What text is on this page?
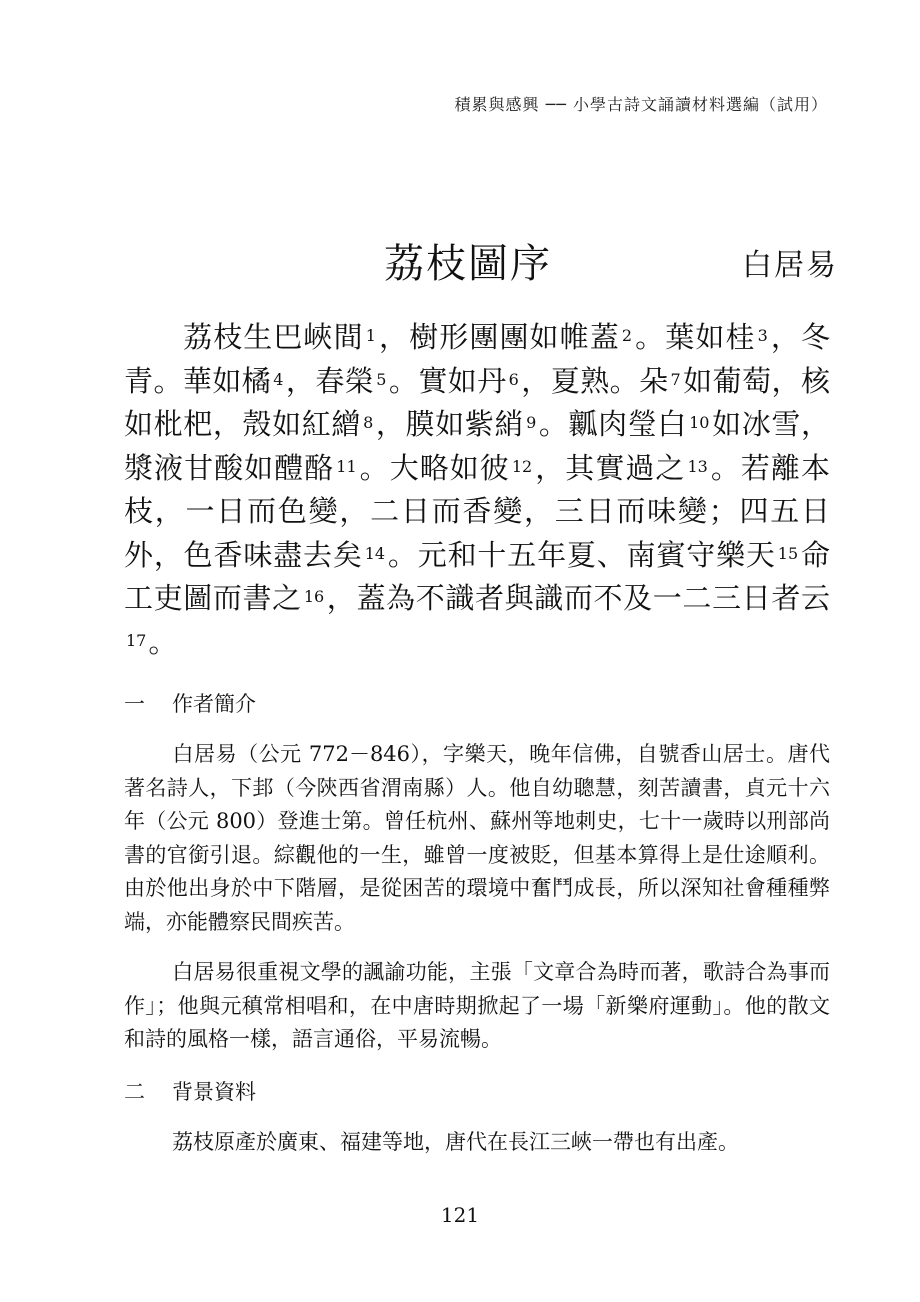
積累與感興 ── 小學古詩文誦讀材料選編（試用）
荔枝圖序	白居易
荔枝生巴峽間 $^1$，樹形團團如帷蓋 $^2$。葉如桂 $^3$，冬青。華如橘 $^4$，春榮 $^5$。實如丹 $^6$，夏熟。朵 $^7$如葡萄，核如枇杷，殼如紅繒 $^8$，膜如紫綃 $^9$。瓤肉瑩白 $^{10}$如冰雪，漿液甘酸如醴酪 $^{11}$。大略如彼 $^{12}$，其實過之 $^{13}$。若離本枝，一日而色變，二日而香變，三日而味變；四五日外，色香味盡去矣 $^{14}$。元和十五年夏、南賓守樂天 $^{15}$命工吏圖而書之 $^{16}$，蓋為不識者與識而不及一二三日者云$^{17}$。
一 作者簡介
白居易（公元 772－846），字樂天，晚年信佛，自號香山居士。唐代著名詩人，下邽（今陝西省渭南縣）人。他自幼聰慧，刻苦讀書，貞元十六年（公元 800）登進士第。曾任杭州、蘇州等地刺史，七十一歲時以刑部尚書的官銜引退。綜觀他的一生，雖曾一度被貶，但基本算得上是仕途順利。由於他出身於中下階層，是從困苦的環境中奮鬥成長，所以深知社會種種弊端，亦能體察民間疾苦。
白居易很重視文學的諷諭功能，主張「文章合為時而著，歌詩合為事而作」；他與元稹常相唱和，在中唐時期掀起了一場「新樂府運動」。他的散文和詩的風格一樣，語言通俗，平易流暢。
二 背景資料
荔枝原產於廣東、福建等地，唐代在長江三峽一帶也有出產。
121
